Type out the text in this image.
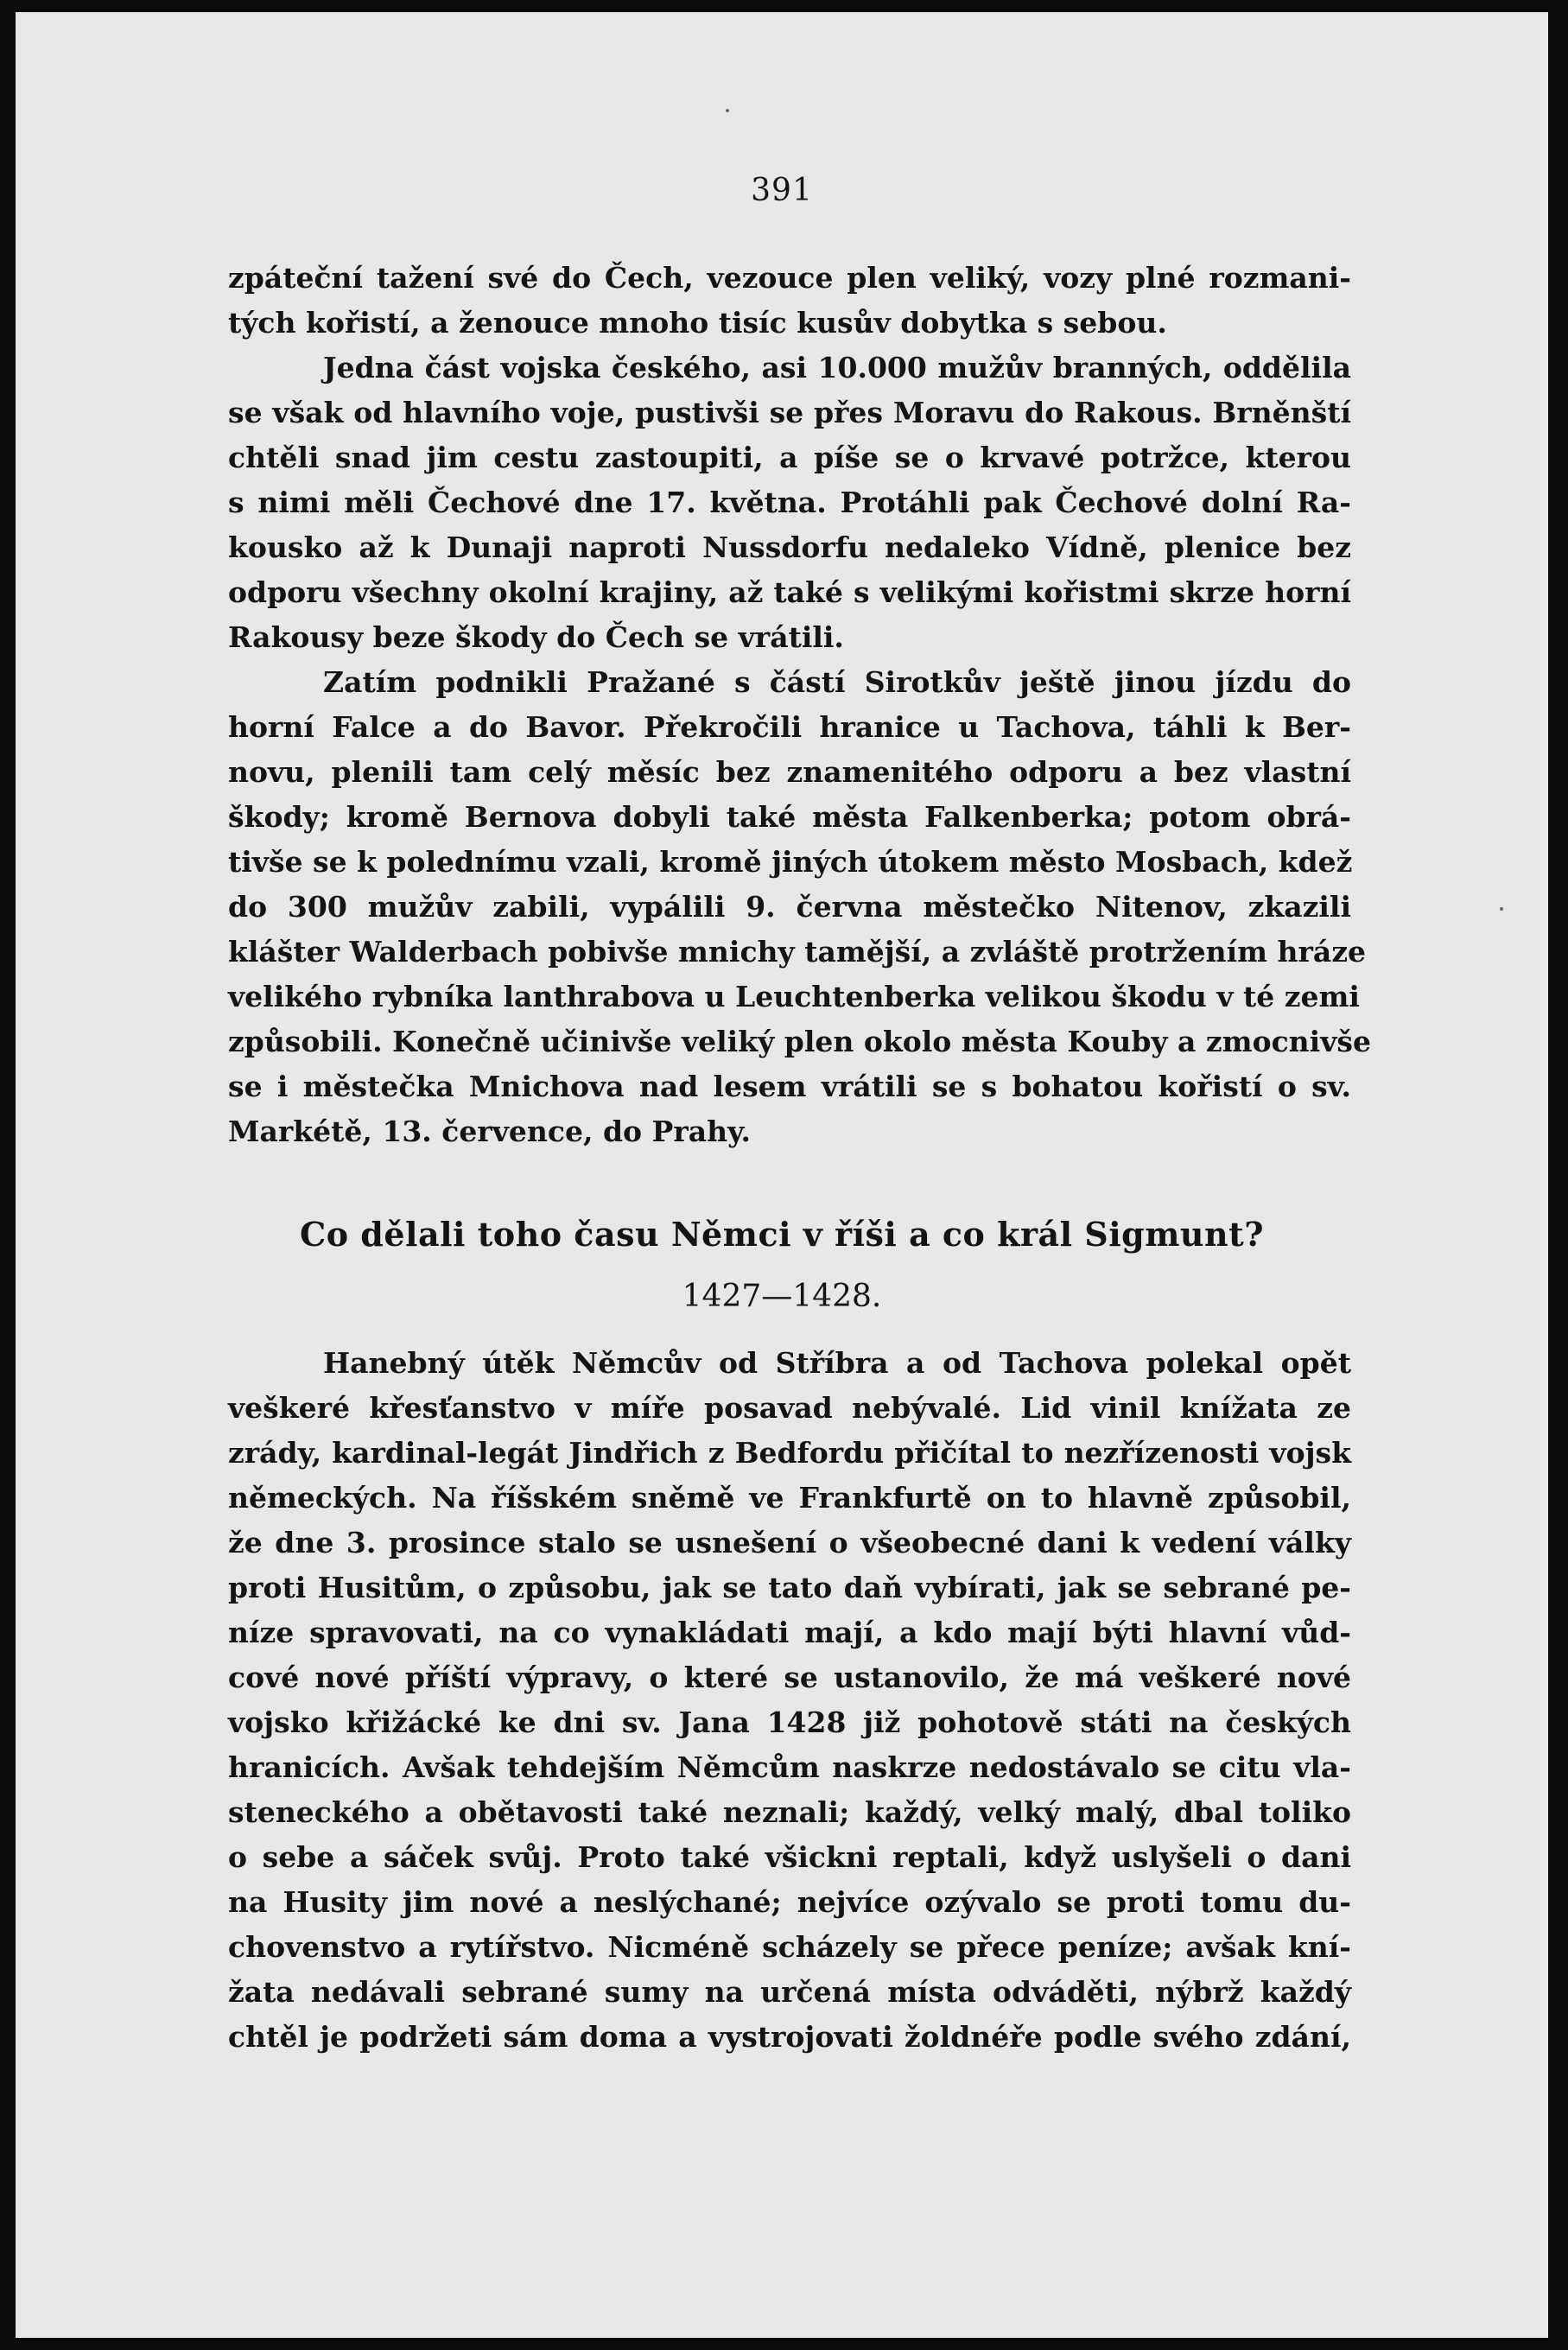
391
zpáteční tažení své do Čech, vezouce plen veliký, vozy plné rozmani-
tých kořistí, a ženouce mnoho tisíc kusův dobytka s sebou.
Jedna část vojska českého, asi 10.000 mužův branných, oddělila
se však od hlavního voje, pustivši se přes Moravu do Rakous. Brněnští
chtěli snad jim cestu zastoupiti, a píše se o krvavé potržce, kterou
s nimi měli Čechové dne 17. května. Protáhli pak Čechové dolní Ra-
kousko až k Dunaji naproti Nussdorfu nedaleko Vídně, plenice bez
odporu všechny okolní krajiny, až také s velikými kořistmi skrze horní
Rakousy beze škody do Čech se vrátili.
Zatím podnikli Pražané s částí Sirotkův ještě jinou jízdu do
horní Falce a do Bavor. Překročili hranice u Tachova, táhli k Ber-
novu, plenili tam celý měsíc bez znamenitého odporu a bez vlastní
škody; kromě Bernova dobyli také města Falkenberka; potom obrá-
tivše se k polednímu vzali, kromě jiných útokem město Mosbach, kdež
do 300 mužův zabili, vypálili 9. června městečko Nitenov, zkazili
klášter Walderbach pobivše mnichy tamější, a zvláště protržením hráze
velikého rybníka lanthrabova u Leuchtenberka velikou škodu v té zemi
způsobili. Konečně učinivše veliký plen okolo města Kouby a zmocnivše
se i městečka Mnichova nad lesem vrátili se s bohatou kořistí o sv.
Markétě, 13. července, do Prahy.
Co dělali toho času Němci v říši a co král Sigmunt?
1427—1428.
Hanebný útěk Němcův od Stříbra a od Tachova polekal opět
veškeré křesťanstvo v míře posavad nebývalé. Lid vinil knížata ze
zrády, kardinal-legát Jindřich z Bedfordu přičítal to nezřízenosti vojsk
německých. Na říšském sněmě ve Frankfurtě on to hlavně způsobil,
že dne 3. prosince stalo se usnešení o všeobecné dani k vedení války
proti Husitům, o způsobu, jak se tato daň vybírati, jak se sebrané pe-
níze spravovati, na co vynakládati mají, a kdo mají býti hlavní vůd-
cové nové příští výpravy, o které se ustanovilo, že má veškeré nové
vojsko křižácké ke dni sv. Jana 1428 již pohotově státi na českých
hranicích. Avšak tehdejším Němcům naskrze nedostávalo se citu vla-
steneckého a obětavosti také neznali; každý, velký malý, dbal toliko
o sebe a sáček svůj. Proto také všickni reptali, když uslyšeli o dani
na Husity jim nové a neslýchané; nejvíce ozývalo se proti tomu du-
chovenstvo a rytířstvo. Nicméně scházely se přece peníze; avšak kní-
žata nedávali sebrané sumy na určená místa odváděti, nýbrž každý
chtěl je podržeti sám doma a vystrojovati žoldnéře podle svého zdání,
